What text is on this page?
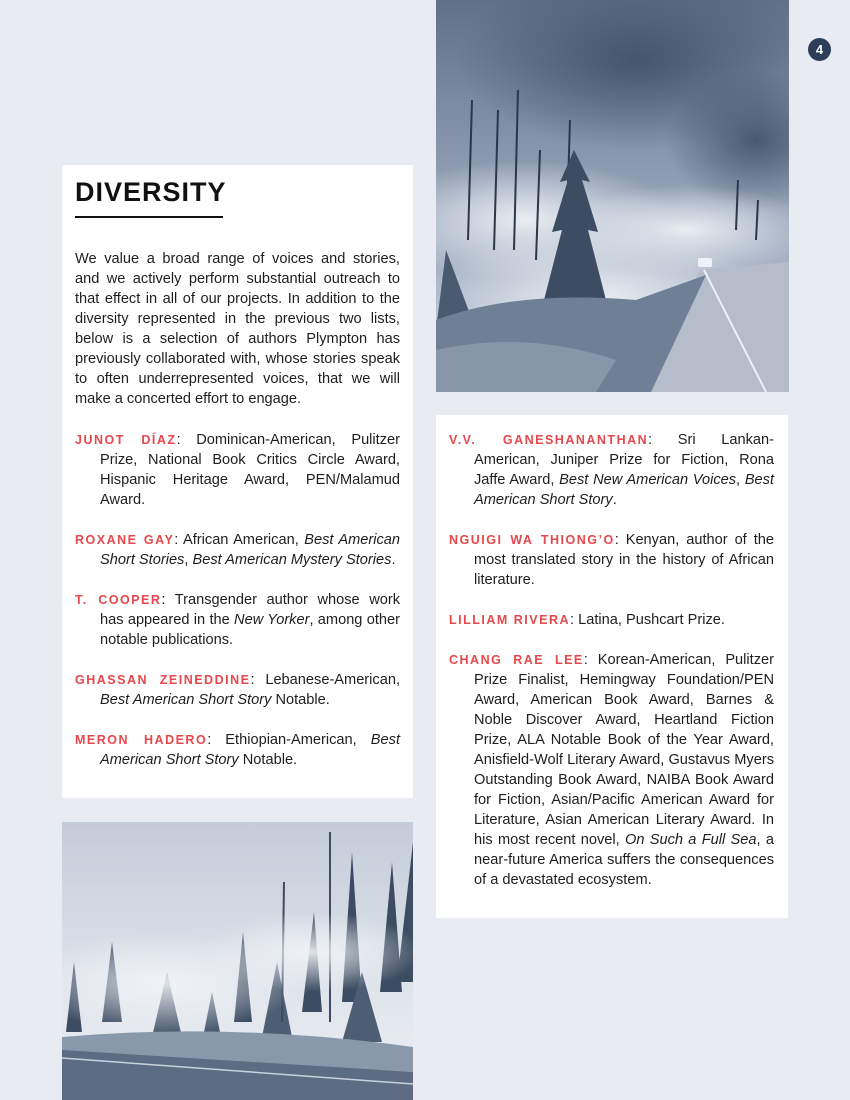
4
DIVERSITY
We value a broad range of voices and stories, and we actively perform substantial outreach to that effect in all of our projects. In addition to the diversity represented in the previous two lists, below is a selection of authors Plympton has previously collaborated with, whose stories speak to often underrepresented voices, that we will make a concerted effort to engage.
JUNOT DÍAZ: Dominican-American, Pulitzer Prize, National Book Critics Circle Award, Hispanic Heritage Award, PEN/Malamud Award.
ROXANE GAY: African American, Best American Short Stories, Best American Mystery Stories.
T. COOPER: Transgender author whose work has appeared in the New Yorker, among other notable publications.
GHASSAN ZEINEDDINE: Lebanese-American, Best American Short Story Notable.
MERON HADERO: Ethiopian-American, Best American Short Story Notable.
V.V. GANESHANANTHAN: Sri Lankan-American, Juniper Prize for Fiction, Rona Jaffe Award, Best New American Voices, Best American Short Story.
NGUIGI WA THIONG’O: Kenyan, author of the most translated story in the history of African literature.
LILLIAM RIVERA: Latina, Pushcart Prize.
CHANG RAE LEE: Korean-American, Pulitzer Prize Finalist, Hemingway Foundation/PEN Award, American Book Award, Barnes & Noble Discover Award, Heartland Fiction Prize, ALA Notable Book of the Year Award, Anisfield-Wolf Literary Award, Gustavus Myers Outstanding Book Award, NAIBA Book Award for Fiction, Asian/Pacific American Award for Literature, Asian American Literary Award. In his most recent novel, On Such a Full Sea, a near-future America suffers the consequences of a devastated ecosystem.
